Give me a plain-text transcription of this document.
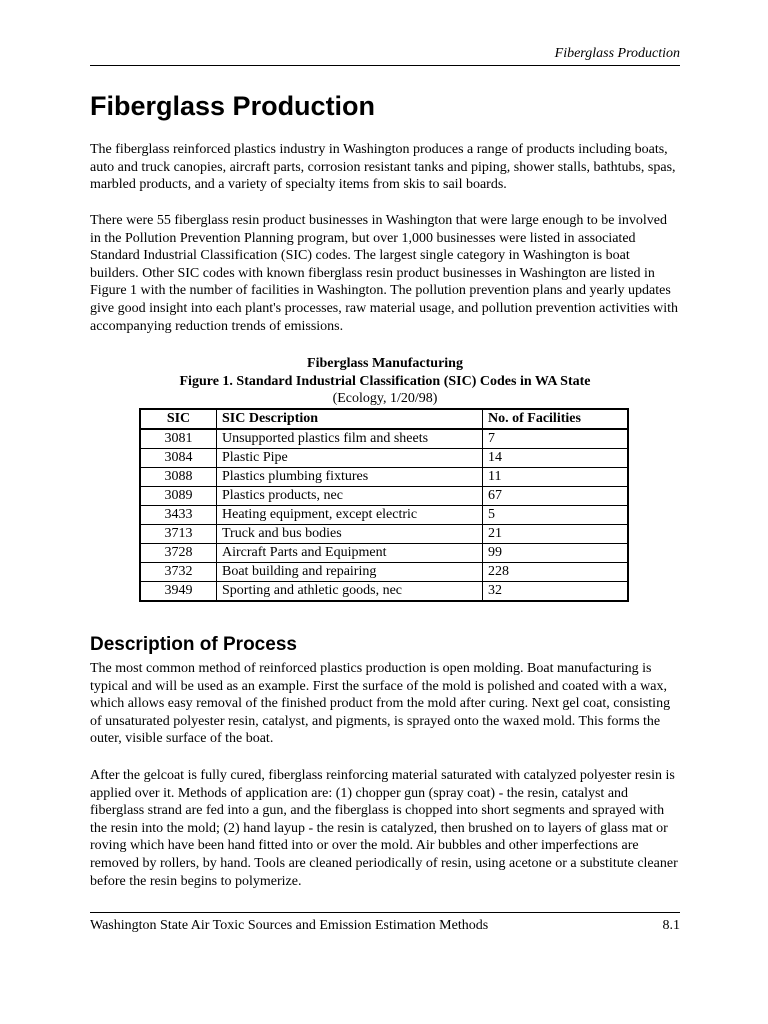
Fiberglass Production
Fiberglass Production

The fiberglass reinforced plastics industry in Washington produces a range of products including boats, auto and truck canopies, aircraft parts, corrosion resistant tanks and piping, shower stalls, bathtubs, spas, marbled products, and a variety of specialty items from skis to sail boards.

There were 55 fiberglass resin product businesses in Washington that were large enough to be involved in the Pollution Prevention Planning program, but over 1,000 businesses were listed in associated Standard Industrial Classification (SIC) codes. The largest single category in Washington is boat builders. Other SIC codes with known fiberglass resin product businesses in Washington are listed in Figure 1 with the number of facilities in Washington. The pollution prevention plans and yearly updates give good insight into each plant's processes, raw material usage, and pollution prevention activities with accompanying reduction trends of emissions.

Fiberglass Manufacturing
Figure 1. Standard Industrial Classification (SIC) Codes in WA State
(Ecology, 1/20/98)
SIC	SIC Description	No. of Facilities
3081	Unsupported plastics film and sheets	7
3084	Plastic Pipe	14
3088	Plastics plumbing fixtures	11
3089	Plastics products, nec	67
3433	Heating equipment, except electric	5
3713	Truck and bus bodies	21
3728	Aircraft Parts and Equipment	99
3732	Boat building and repairing	228
3949	Sporting and athletic goods, nec	32
Description of Process

The most common method of reinforced plastics production is open molding. Boat manufacturing is typical and will be used as an example. First the surface of the mold is polished and coated with a wax, which allows easy removal of the finished product from the mold after curing. Next gel coat, consisting of unsaturated polyester resin, catalyst, and pigments, is sprayed onto the waxed mold. This forms the outer, visible surface of the boat.

After the gelcoat is fully cured, fiberglass reinforcing material saturated with catalyzed polyester resin is applied over it. Methods of application are: (1) chopper gun (spray coat) - the resin, catalyst and fiberglass strand are fed into a gun, and the fiberglass is chopped into short segments and sprayed with the resin into the mold; (2) hand layup - the resin is catalyzed, then brushed on to layers of glass mat or roving which have been hand fitted into or over the mold. Air bubbles and other imperfections are removed by rollers, by hand. Tools are cleaned periodically of resin, using acetone or a substitute cleaner before the resin begins to polymerize.

Washington State Air Toxic Sources and Emission Estimation Methods	8.1
